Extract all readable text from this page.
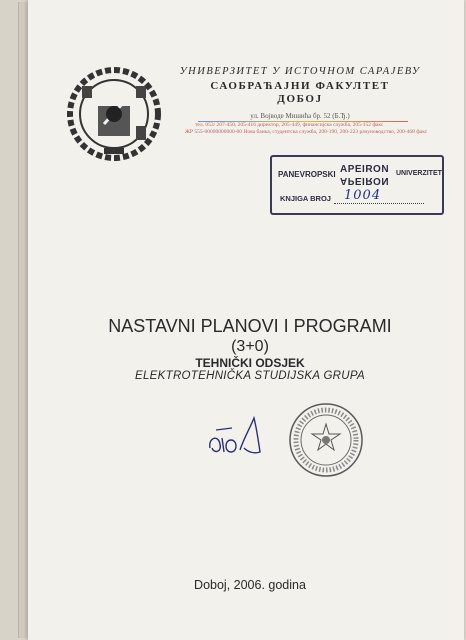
УНИВЕРЗИТЕТ У ИСТОЧНОМ САРАЈЕВУ
САОБРАЋАЈНИ ФАКУЛТЕТ
ДОБОЈ
ул. Војводе Мишића бр. 52 (Б.Ђ.)
тел. 053/ 207-450, 205-416 директор, 205-449, финансијска служба, 205-152 факс
ЖР 555-00000000000-00 Нова банка, студентска служба, 200-190, 200-223 рачуноводство, 200-468 факс
PANEVROPSKI APEIRON
APEIRON
UNIVERZITET
KNJIGA BROJ 1004
NASTAVNI PLANOVI I PROGRAMI
(3+0)
TEHNIČKI ODSJEK
ELEKTROTEHNIČKA STUDIJSKA GRUPA
Doboj, 2006. godina
